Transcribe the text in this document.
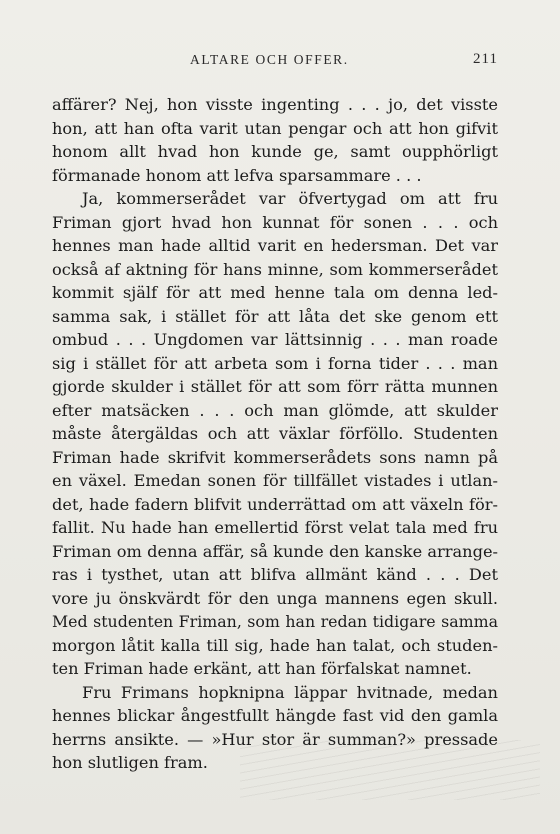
ALTARE OCH OFFER.	211
affärer? Nej, hon visste ingenting . . . jo, det visste
hon, att han ofta varit utan pengar och att hon gifvit
honom allt hvad hon kunde ge, samt oupphörligt
förmanade honom att lefva sparsammare . . .
Ja, kommerserådet var öfvertygad om att fru
Friman gjort hvad hon kunnat för sonen . . . och
hennes man hade alltid varit en hedersman. Det var
också af aktning för hans minne, som kommerserådet
kommit själf för att med henne tala om denna led-
samma sak, i stället för att låta det ske genom ett
ombud . . . Ungdomen var lättsinnig . . . man roade
sig i stället för att arbeta som i forna tider . . . man
gjorde skulder i stället för att som förr rätta munnen
efter matsäcken . . . och man glömde, att skulder
måste återgäldas och att växlar förföllo. Studenten
Friman hade skrifvit kommerserådets sons namn på
en växel. Emedan sonen för tillfället vistades i utlan-
det, hade fadern blifvit underrättad om att växeln för-
fallit. Nu hade han emellertid först velat tala med fru
Friman om denna affär, så kunde den kanske arrange-
ras i tysthet, utan att blifva allmänt känd . . . Det
vore ju önskvärdt för den unga mannens egen skull.
Med studenten Friman, som han redan tidigare samma
morgon låtit kalla till sig, hade han talat, och studen-
ten Friman hade erkänt, att han förfalskat namnet.
Fru Frimans hopknipna läppar hvitnade, medan
hennes blickar ångestfullt hängde fast vid den gamla
herrns ansikte. — »Hur stor är summan?» pressade
hon slutligen fram.
